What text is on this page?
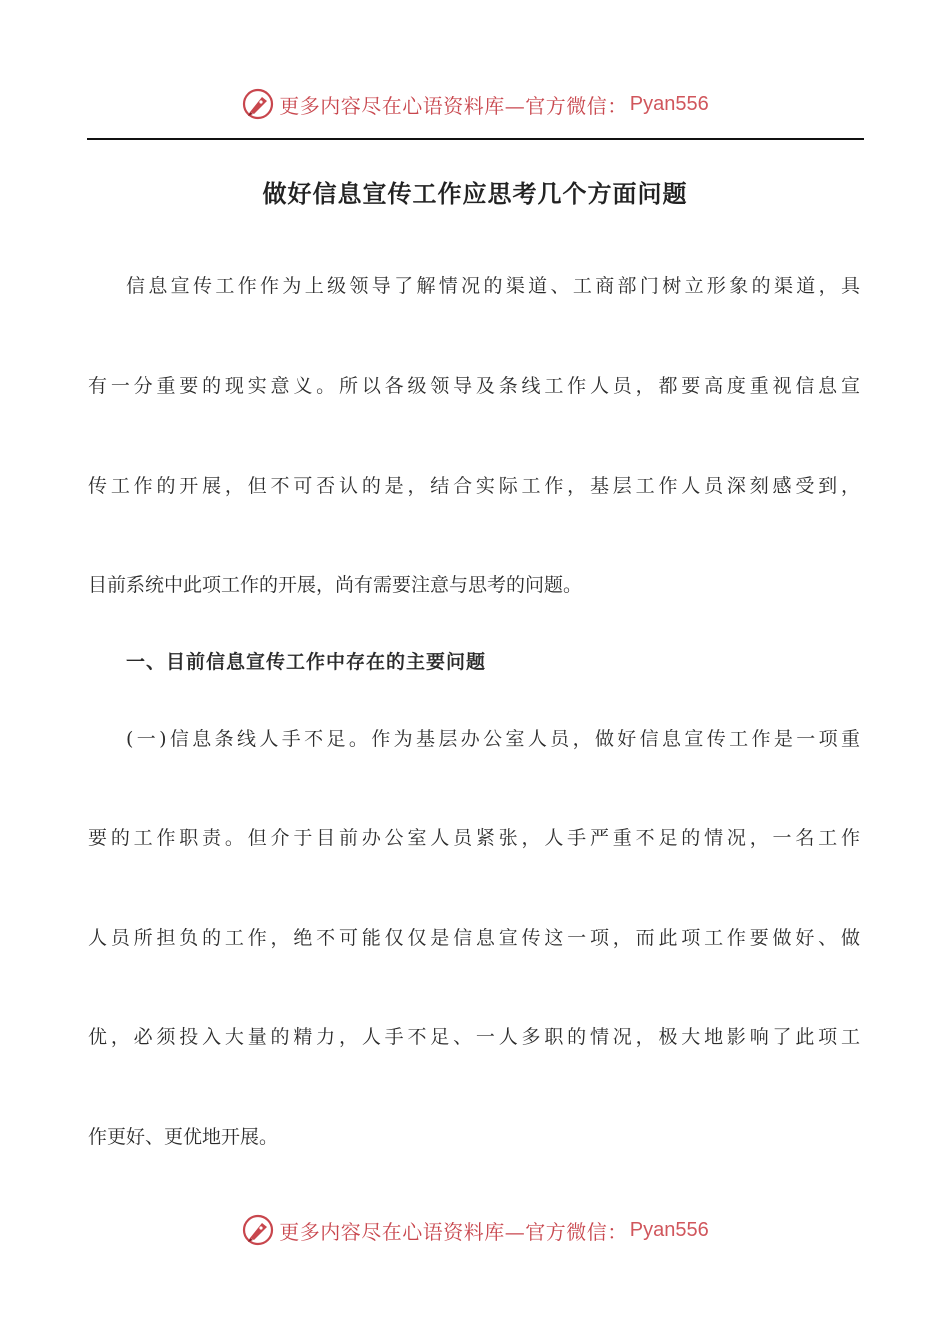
更多内容尽在心语资料库—官方微信： Pyan556
做好信息宣传工作应思考几个方面问题
信息宣传工作作为上级领导了解情况的渠道、工商部门树立形象的渠道，具
有一分重要的现实意义。所以各级领导及条线工作人员，都要高度重视信息宣
传工作的开展，但不可否认的是，结合实际工作，基层工作人员深刻感受到，
目前系统中此项工作的开展，尚有需要注意与思考的问题。
一、目前信息宣传工作中存在的主要问题
(一)信息条线人手不足。作为基层办公室人员，做好信息宣传工作是一项重
要的工作职责。但介于目前办公室人员紧张，人手严重不足的情况，一名工作
人员所担负的工作，绝不可能仅仅是信息宣传这一项，而此项工作要做好、做
优，必须投入大量的精力，人手不足、一人多职的情况，极大地影响了此项工
作更好、更优地开展。
更多内容尽在心语资料库—官方微信： Pyan556
